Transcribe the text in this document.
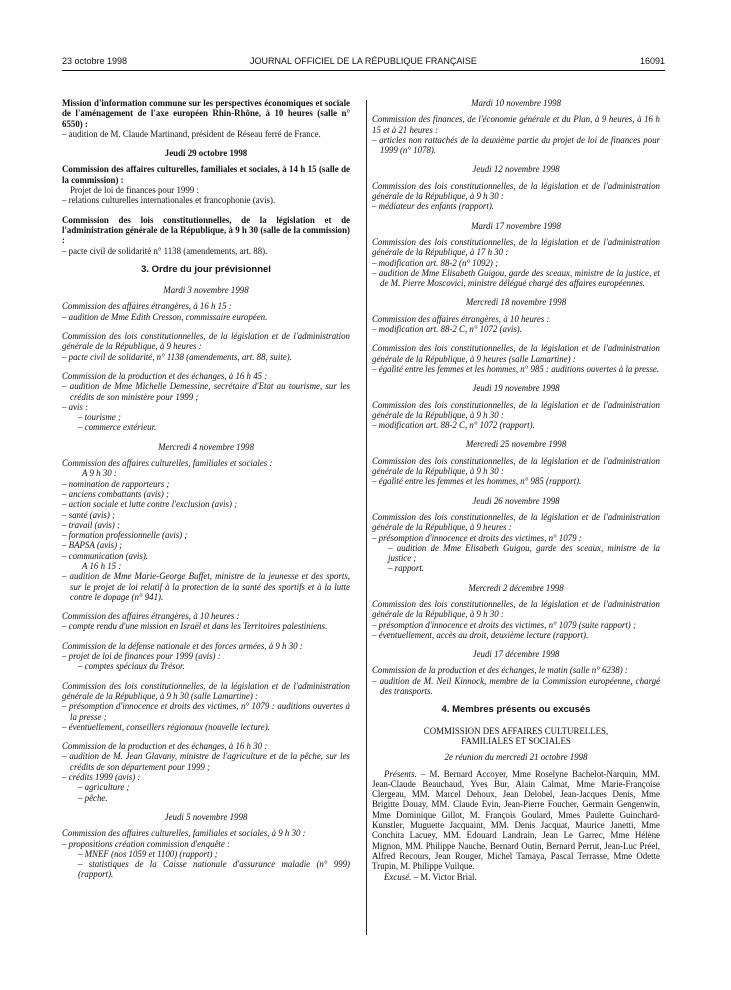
23 octobre 1998	JOURNAL OFFICIEL DE LA RÉPUBLIQUE FRANÇAISE	16091

Mission d'information commune sur les perspectives économiques et sociale de l'aménagement de l'axe européen Rhin-Rhône, à 10 heures (salle n° 6550) :

– audition de M. Claude Martinand, président de Réseau ferré de France.

Jeudi 29 octobre 1998

Commission des affaires culturelles, familiales et sociales, à 14 h 15 (salle de la commission) :

Projet de loi de finances pour 1999 :

– relations culturelles internationales et francophonie (avis).

Commission des lois constitutionnelles, de la législation et de l'administration générale de la République, à 9 h 30 (salle de la commission) :

– pacte civil de solidarité n° 1138 (amendements, art. 88).

3. Ordre du jour prévisionnel

Mardi 3 novembre 1998

Commission des affaires étrangères, à 16 h 15 :

– audition de Mme Edith Cresson, commissaire européen.

Commission des lois constitutionnelles, de la législation et de l'administration générale de la République, à 9 heures :

– pacte civil de solidarité, n° 1138 (amendements, art. 88, suite).

Commission de la production et des échanges, à 16 h 45 :

– audition de Mme Michelle Demessine, secrétaire d'Etat au tourisme, sur les crédits de son ministère pour 1999 ;

– avis :

– tourisme ;

– commerce extérieur.

Mercredi 4 novembre 1998

Commission des affaires culturelles, familiales et sociales :

A 9 h 30 :

– nomination de rapporteurs ;

– anciens combattants (avis) ;

– action sociale et lutte contre l'exclusion (avis) ;

– santé (avis) ;

– travail (avis) ;

– formation professionnelle (avis) ;

– BAPSA (avis) ;

– communication (avis).

A 16 h 15 :

– audition de Mme Marie-George Buffet, ministre de la jeunesse et des sports, sur le projet de loi relatif à la protection de la santé des sportifs et à la lutte contre le dopage (n° 941).

Commission des affaires étrangères, à 10 heures :

– compte rendu d'une mission en Israël et dans les Territoires palestiniens.

Commission de la défense nationale et des forces armées, à 9 h 30 :

– projet de loi de finances pour 1999 (avis) :

– comptes spéciaux du Trésor.

Commission des lois constitutionnelles, de la législation et de l'administration générale de la République, à 9 h 30 (salle Lamartine) :

– présomption d'innocence et droits des victimes, n° 1079 : auditions ouvertes à la presse ;

– éventuellement, conseillers régionaux (nouvelle lecture).

Commission de la production et des échanges, à 16 h 30 :

– audition de M. Jean Glavany, ministre de l'agriculture et de la pêche, sur les crédits de son département pour 1999 ;

– crédits 1999 (avis) :

– agriculture ;

– pêche.

Jeudi 5 novembre 1998

Commission des affaires culturelles, familiales et sociales, à 9 h 30 :

– propositions création commission d'enquête :

– MNEF (nos 1059 et 1100) (rapport) ;

– statistiques de la Caisse nationale d'assurance maladie (n° 999) (rapport).

Mardi 10 novembre 1998

Commission des finances, de l'économie générale et du Plan, à 9 heures, à 16 h 15 et à 21 heures :

– articles non rattachés de la deuxième partie du projet de loi de finances pour 1999 (n° 1078).

Jeudi 12 novembre 1998

Commission des lois constitutionnelles, de la législation et de l'administration générale de la République, à 9 h 30 :

– médiateur des enfants (rapport).

Mardi 17 novembre 1998

Commission des lois constitutionnelles, de la législation et de l'administration générale de la République, à 17 h 30 :

– modification art. 88-2 (n° 1092) ;

– audition de Mme Elisabeth Guigou, garde des sceaux, ministre de la justice, et de M. Pierre Moscovici, ministre délégué chargé des affaires européennes.

Mercredi 18 novembre 1998

Commission des affaires étrangères, à 10 heures :

– modification art. 88-2 C, n° 1072 (avis).

Commission des lois constitutionnelles, de la législation et de l'administration générale de la République, à 9 heures (salle Lamartine) :

– égalité entre les femmes et les hommes, n° 985 : auditions ouvertes à la presse.

Jeudi 19 novembre 1998

Commission des lois constitutionnelles, de la législation et de l'administration générale de la République, à 9 h 30 :

– modification art. 88-2 C, n° 1072 (rapport).

Mercredi 25 novembre 1998

Commission des lois constitutionnelles, de la législation et de l'administration générale de la République, à 9 h 30 :

– égalité entre les femmes et les hommes, n° 985 (rapport).

Jeudi 26 novembre 1998

Commission des lois constitutionnelles, de la législation et de l'administration générale de la République, à 9 heures :

– présomption d'innocence et droits des victimes, n° 1079 :

– audition de Mme Elisabeth Guigou, garde des sceaux, ministre de la justice ;

– rapport.

Mercredi 2 décembre 1998

Commission des lois constitutionnelles, de la législation et de l'administration générale de la République, à 9 h 30 :

– présomption d'innocence et droits des victimes, n° 1079 (suite rapport) ;

– éventuellement, accès au droit, deuxième lecture (rapport).

Jeudi 17 décembre 1998

Commission de la production et des échanges, le matin (salle n° 6238) :

– audition de M. Neil Kinnock, membre de la Commission européenne, chargé des transports.

4. Membres présents ou excusés

COMMISSION DES AFFAIRES CULTURELLES,

FAMILIALES ET SOCIALES

2e réunion du mercredi 21 octobre 1998

Présents. – M. Bernard Accoyer, Mme Roselyne Bachelot-Narquin, MM. Jean-Claude Beauchaud, Yves Bur, Alain Calmat, Mme Marie-Françoise Clergeau, MM. Marcel Dehoux, Jean Delobel, Jean-Jacques Denis, Mme Brigitte Douay, MM. Claude Evin, Jean-Pierre Foucher, Germain Gengenwin, Mme Dominique Gillot, M. François Goulard, Mmes Paulette Guinchard-Kunstler, Muguette Jacquaint, MM. Denis Jacquat, Maurice Janetti, Mme Conchita Lacuey, MM. Edouard Landrain, Jean Le Garrec, Mme Hélène Mignon, MM. Philippe Nauche, Bernard Outin, Bernard Perrut, Jean-Luc Préel, Alfred Recours, Jean Rouger, Michel Tamaya, Pascal Terrasse, Mme Odette Trupin, M. Philippe Vuilque.

Excusé. – M. Victor Brial.
